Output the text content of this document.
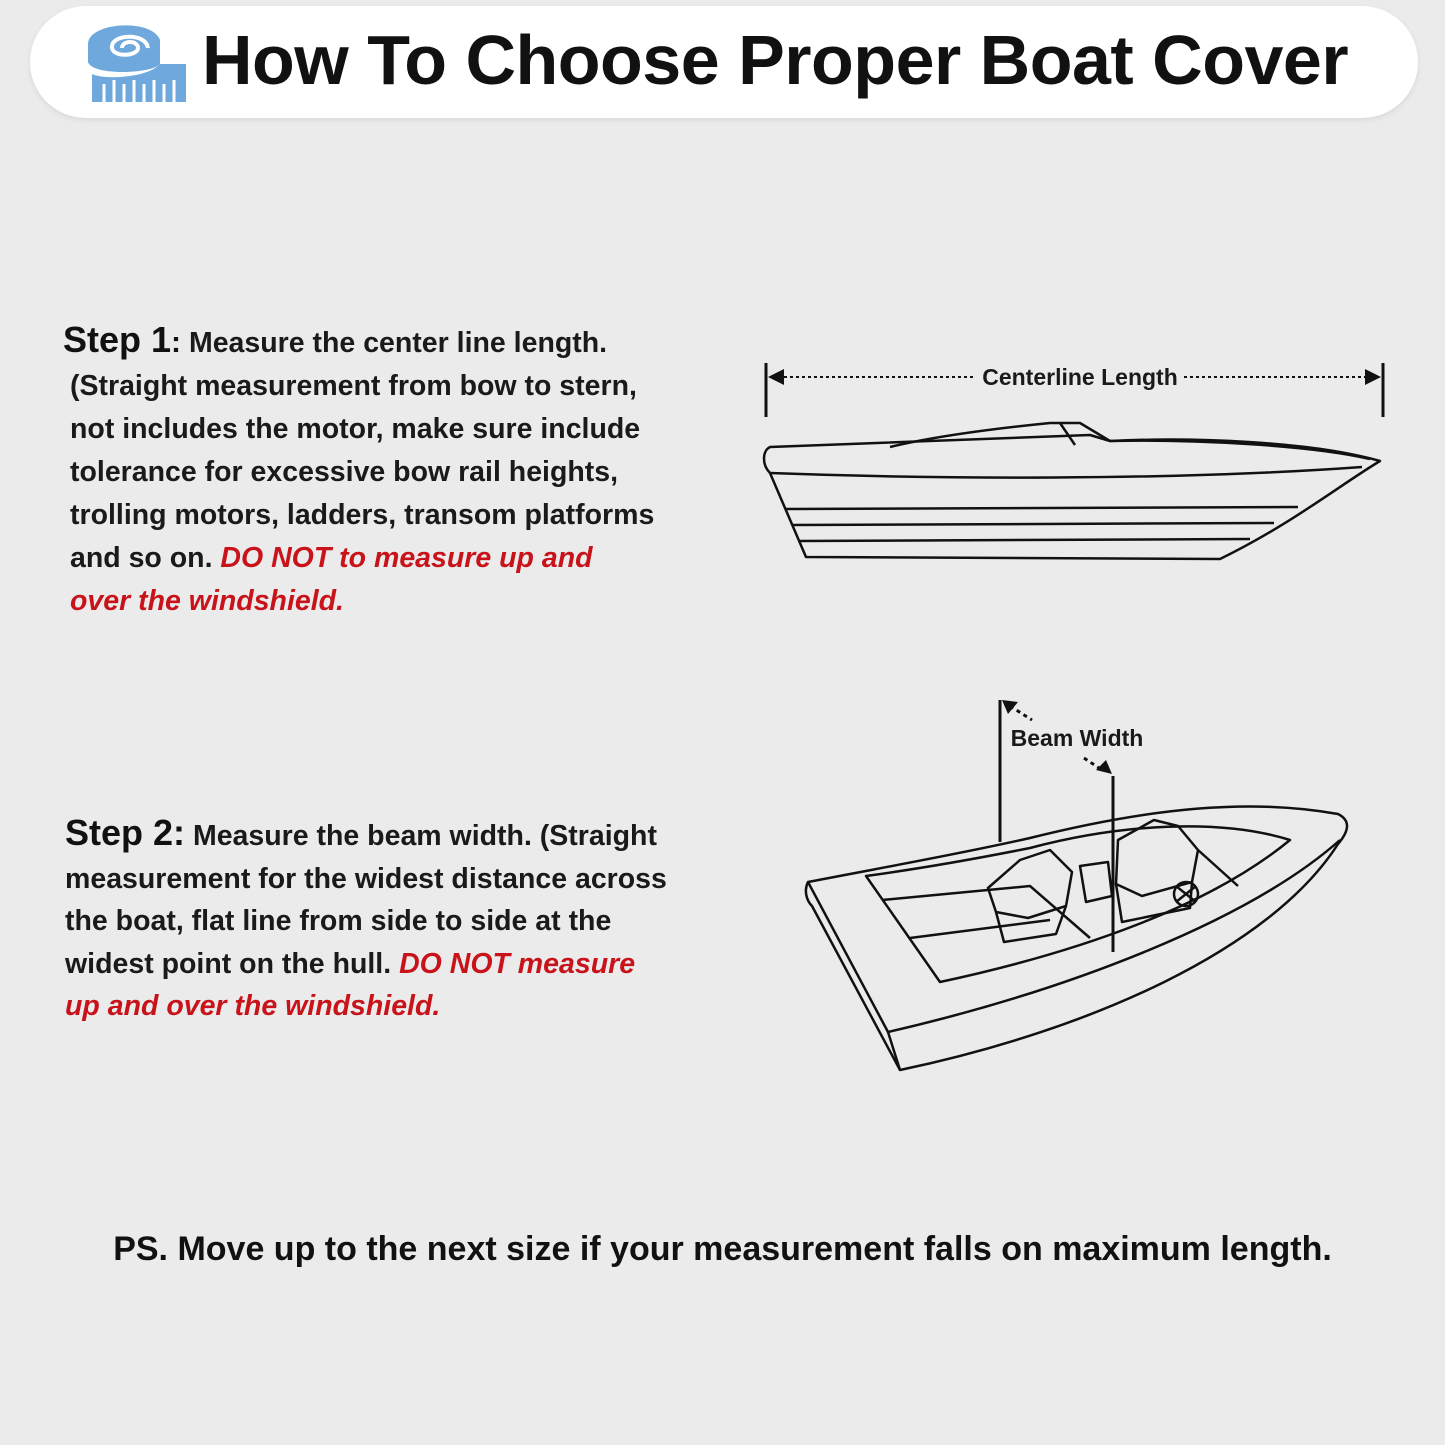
How To Choose Proper Boat Cover
Step 1: Measure the center line length.
(Straight measurement from bow to stern,
not includes the motor, make sure include
tolerance for excessive bow rail heights,
trolling motors, ladders, transom platforms
and so on. DO NOT to measure up and
over the windshield.
Centerline Length
Step 2: Measure the beam width. (Straight
measurement for the widest distance across
the boat, flat line from side to side at the
widest point on the hull. DO NOT measure
up and over the windshield.
Beam Width
PS. Move up to the next size if your measurement falls on maximum length.
